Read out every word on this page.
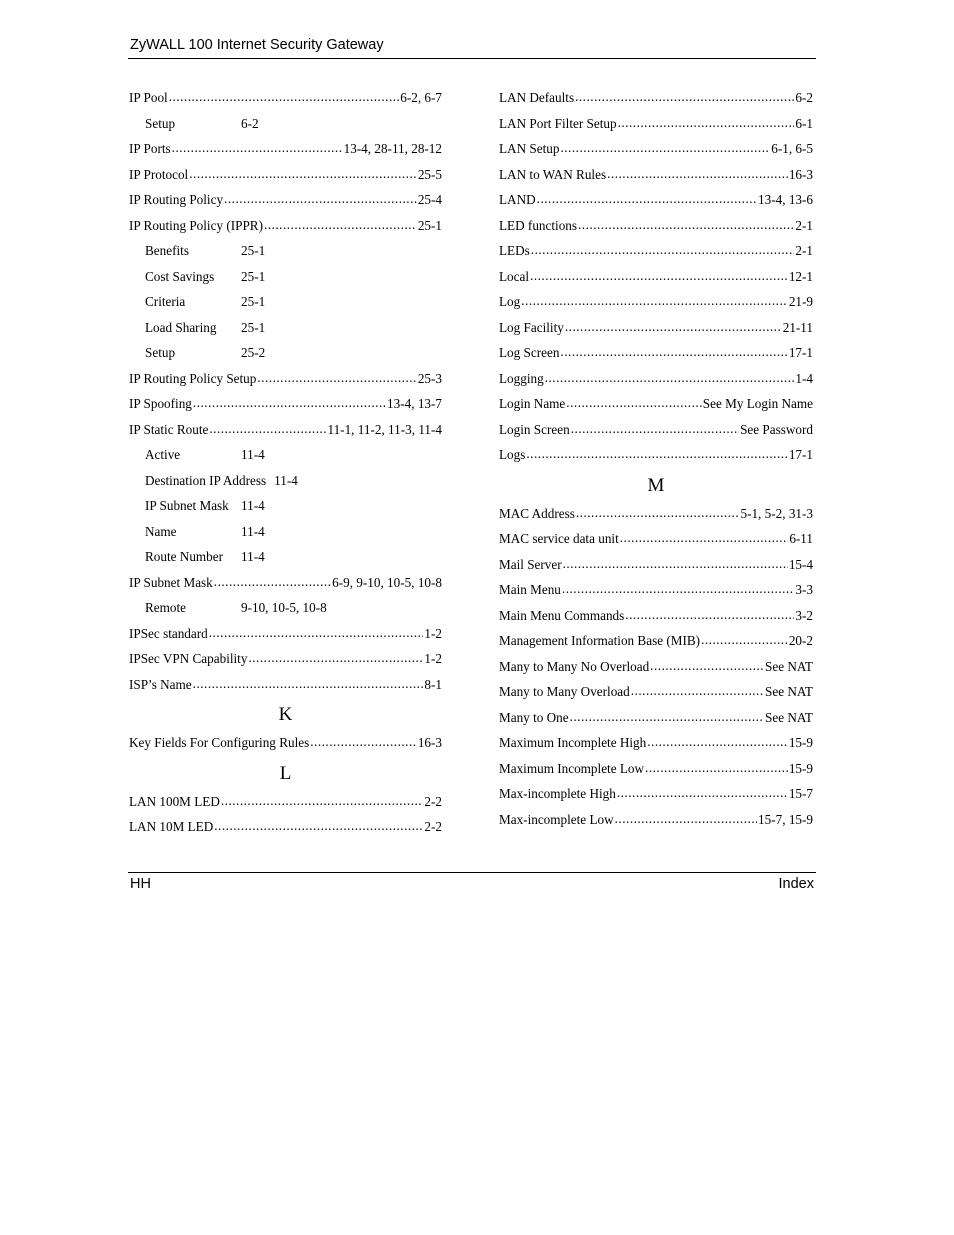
ZyWALL 100 Internet Security Gateway
IP Pool .....	6-2, 6-7
Setup	6-2
IP Ports .....	13-4, 28-11, 28-12
IP Protocol .....	25-5
IP Routing Policy .....	25-4
IP Routing Policy (IPPR) .....	25-1
Benefits	25-1
Cost Savings	25-1
Criteria	25-1
Load Sharing	25-1
Setup	25-2
IP Routing Policy Setup .....	25-3
IP Spoofing .....	13-4, 13-7
IP Static Route .....	11-1, 11-2, 11-3, 11-4
Active	11-4
Destination IP Address 11-4
IP Subnet Mask 11-4
Name	11-4
Route Number	11-4
IP Subnet Mask .....	6-9, 9-10, 10-5, 10-8
Remote	9-10, 10-5, 10-8
IPSec standard .....	1-2
IPSec VPN Capability .....	1-2
ISP’s Name .....	8-1
K
Key Fields For Configuring Rules .....	16-3
L
LAN 100M LED .....	2-2
LAN 10M LED .....	2-2
LAN Defaults .....	6-2
LAN Port Filter Setup .....	6-1
LAN Setup .....	6-1, 6-5
LAN to WAN Rules .....	16-3
LAND .....	13-4, 13-6
LED functions .....	2-1
LEDs .....	2-1
Local .....	12-1
Log .....	21-9
Log Facility .....	21-11
Log Screen .....	17-1
Logging .....	1-4
Login Name .....	See My Login Name
Login Screen .....	See Password
Logs .....	17-1
M
MAC Address .....	5-1, 5-2, 31-3
MAC service data unit .....	6-11
Mail Server .....	15-4
Main Menu .....	3-3
Main Menu Commands .....	3-2
Management Information Base (MIB) .....	20-2
Many to Many No Overload .....	See NAT
Many to Many Overload .....	See NAT
Many to One .....	See NAT
Maximum Incomplete High .....	15-9
Maximum Incomplete Low .....	15-9
Max-incomplete High .....	15-7
Max-incomplete Low .....	15-7, 15-9
HH	Index
